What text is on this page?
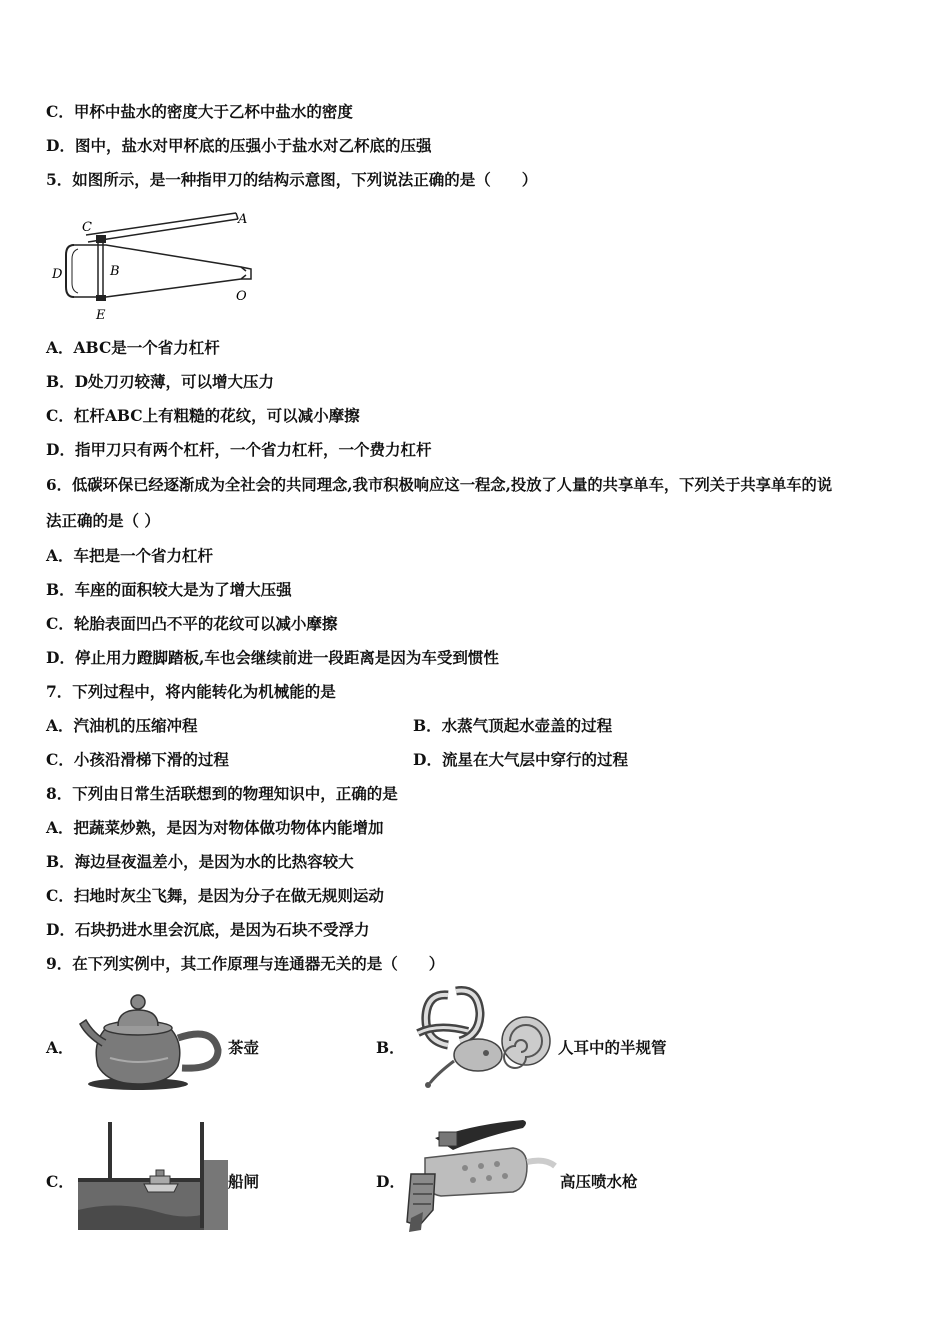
C．甲杯中盐水的密度大于乙杯中盐水的密度
D．图中，盐水对甲杯底的压强小于盐水对乙杯底的压强
5．如图所示，是一种指甲刀的结构示意图，下列说法正确的是（　　）
C
A
B
D
E
O
A．ABC是一个省力杠杆
B．D处刀刃较薄，可以增大压力
C．杠杆ABC上有粗糙的花纹，可以减小摩擦
D．指甲刀只有两个杠杆，一个省力杠杆，一个费力杠杆
6．低碳环保已经逐渐成为全社会的共同理念,我市积极响应这一程念,投放了人量的共享单车，下列关于共享单车的说
法正确的是（ ）
A．车把是一个省力杠杆
B．车座的面积较大是为了增大压强
C．轮胎表面凹凸不平的花纹可以减小摩擦
D．停止用力蹬脚踏板,车也会继续前进一段距离是因为车受到惯性
7．下列过程中，将内能转化为机械能的是
A．汽油机的压缩冲程	B．水蒸气顶起水壶盖的过程
C．小孩沿滑梯下滑的过程	D．流星在大气层中穿行的过程
8．下列由日常生活联想到的物理知识中，正确的是
A．把蔬菜炒熟，是因为对物体做功物体内能增加
B．海边昼夜温差小，是因为水的比热容较大
C．扫地时灰尘飞舞，是因为分子在做无规则运动
D．石块扔进水里会沉底，是因为石块不受浮力
9．在下列实例中，其工作原理与连通器无关的是（　　）
A．	茶壶	B．	人耳中的半规管
C．	船闸	D．	高压喷水枪
